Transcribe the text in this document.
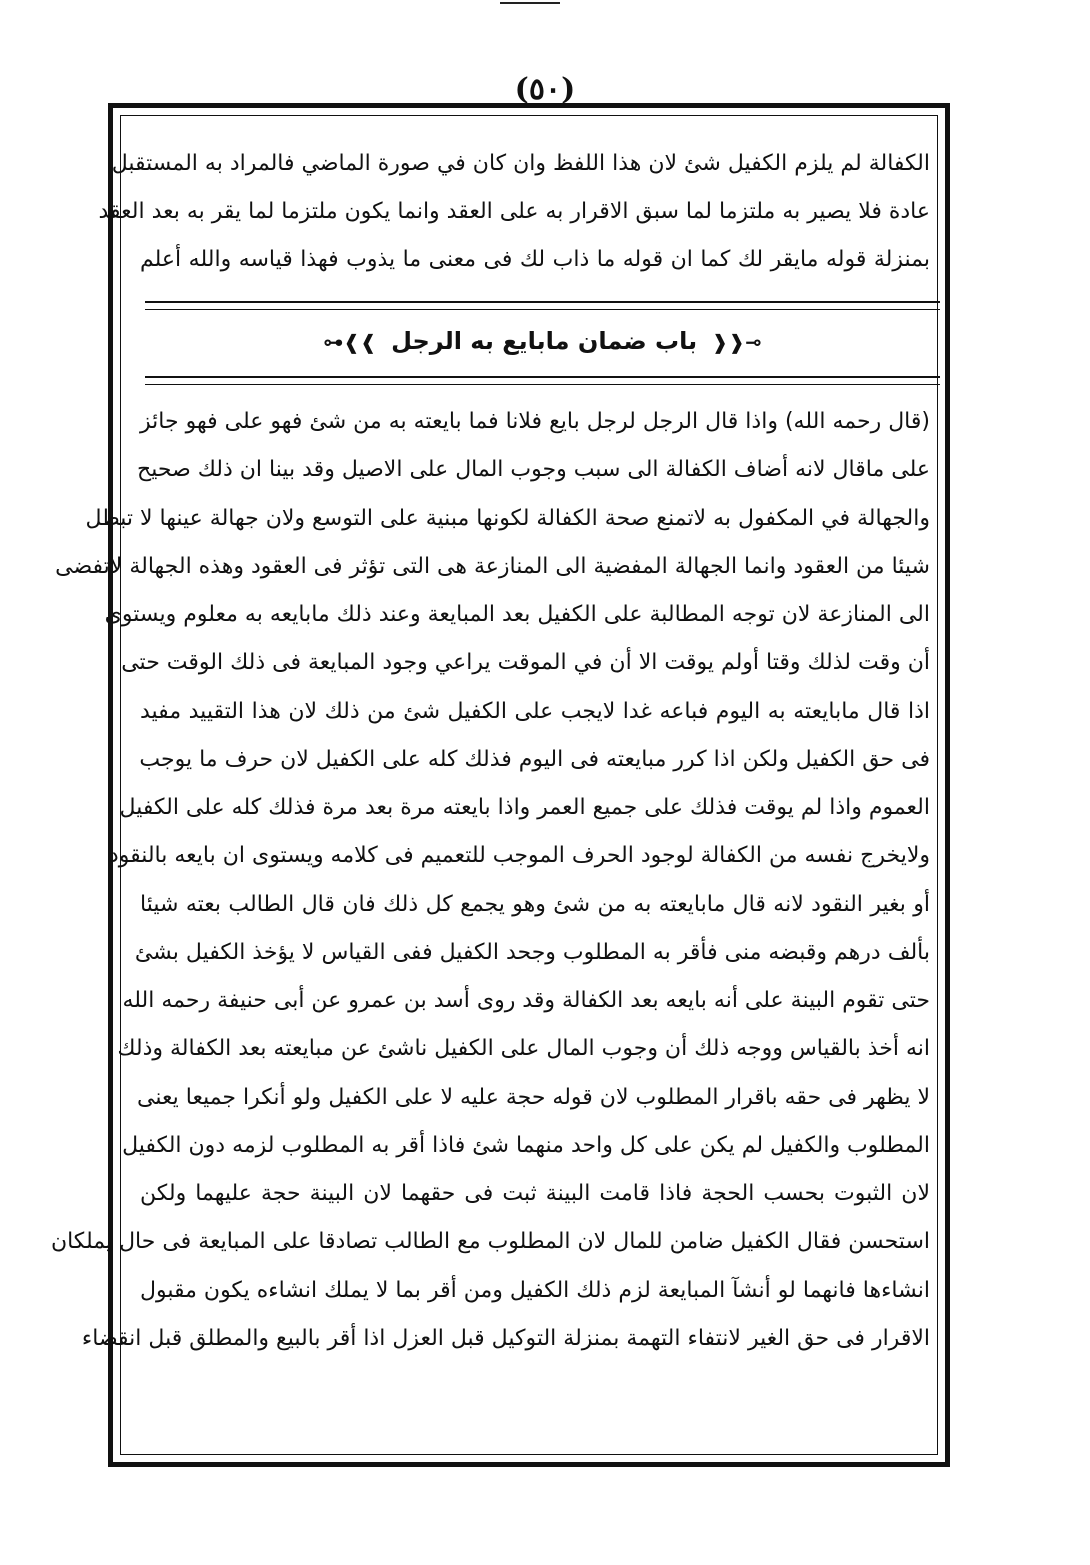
(٥٠)
الكفالة لم يلزم الكفيل شئ لان هذا اللفظ وان كان في صورة الماضي فالمراد به المستقبل
عادة فلا يصير به ملتزما لما سبق الاقرار به على العقد وانما يكون ملتزما لما يقر به بعد العقد
بمنزلة قوله مايقر لك كما ان قوله ما ذاب لك فى معنى ما يذوب فهذا قياسه والله أعلم
⊸❰❰ باب ضمان مابايع به الرجل ❱❱⊷
(قال رحمه الله) واذا قال الرجل لرجل بايع فلانا فما بايعته به من شئ فهو على فهو جائز
على ماقال لانه أضاف الكفالة الى سبب وجوب المال على الاصيل وقد بينا ان ذلك صحيح
والجهالة في المكفول به لاتمنع صحة الكفالة لكونها مبنية على التوسع ولان جهالة عينها لا تبطل
شيئا من العقود وانما الجهالة المفضية الى المنازعة هى التى تؤثر فى العقود وهذه الجهالة لاتفضى
الى المنازعة لان توجه المطالبة على الكفيل بعد المبايعة وعند ذلك مابايعه به معلوم ويستوى
أن وقت لذلك وقتا أولم يوقت الا أن في الموقت يراعي وجود المبايعة فى ذلك الوقت حتى
اذا قال مابايعته به اليوم فباعه غدا لايجب على الكفيل شئ من ذلك لان هذا التقييد مفيد
فى حق الكفيل ولكن اذا كرر مبايعته فى اليوم فذلك كله على الكفيل لان حرف ما يوجب
العموم واذا لم يوقت فذلك على جميع العمر واذا بايعته مرة بعد مرة فذلك كله على الكفيل
ولايخرج نفسه من الكفالة لوجود الحرف الموجب للتعميم فى كلامه ويستوى ان بايعه بالنقود
أو بغير النقود لانه قال مابايعته به من شئ وهو يجمع كل ذلك فان قال الطالب بعته شيئا
بألف درهم وقبضه منى فأقر به المطلوب وجحد الكفيل ففى القياس لا يؤخذ الكفيل بشئ
حتى تقوم البينة على أنه بايعه بعد الكفالة وقد روى أسد بن عمرو عن أبى حنيفة رحمه الله
انه أخذ بالقياس ووجه ذلك أن وجوب المال على الكفيل ناشئ عن مبايعته بعد الكفالة وذلك
لا يظهر فى حقه باقرار المطلوب لان قوله حجة عليه لا على الكفيل ولو أنكرا جميعا يعنى
المطلوب والكفيل لم يكن على كل واحد منهما شئ فاذا أقر به المطلوب لزمه دون الكفيل
لان الثبوت بحسب الحجة فاذا قامت البينة ثبت فى حقهما لان البينة حجة عليهما ولكن
استحسن فقال الكفيل ضامن للمال لان المطلوب مع الطالب تصادقا على المبايعة فى حال يملكان
انشاءها فانهما لو أنشآ المبايعة لزم ذلك الكفيل ومن أقر بما لا يملك انشاءه يكون مقبول
الاقرار فى حق الغير لانتفاء التهمة بمنزلة التوكيل قبل العزل اذا أقر بالبيع والمطلق قبل انقضاء
